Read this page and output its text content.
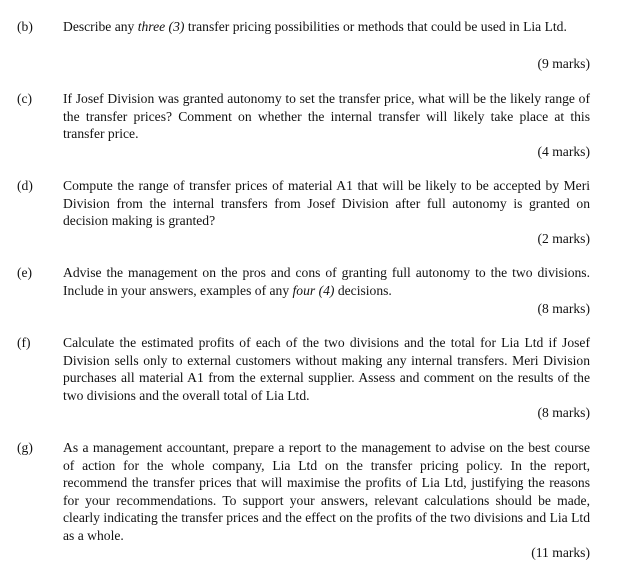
(b)	Describe any three (3) transfer pricing possibilities or methods that could be used in Lia Ltd.
(9 marks)
(c)	If Josef Division was granted autonomy to set the transfer price, what will be the likely range of the transfer prices? Comment on whether the internal transfer will likely take place at this transfer price.
(4 marks)
(d)	Compute the range of transfer prices of material A1 that will be likely to be accepted by Meri Division from the internal transfers from Josef Division after full autonomy is granted on decision making is granted?
(2 marks)
(e)	Advise the management on the pros and cons of granting full autonomy to the two divisions. Include in your answers, examples of any four (4) decisions.
(8 marks)
(f)	Calculate the estimated profits of each of the two divisions and the total for Lia Ltd if Josef Division sells only to external customers without making any internal transfers. Meri Division purchases all material A1 from the external supplier. Assess and comment on the results of the two divisions and the overall total of Lia Ltd.
(8 marks)
(g)	As a management accountant, prepare a report to the management to advise on the best course of action for the whole company, Lia Ltd on the transfer pricing policy. In the report, recommend the transfer prices that will maximise the profits of Lia Ltd, justifying the reasons for your recommendations. To support your answers, relevant calculations should be made, clearly indicating the transfer prices and the effect on the profits of the two divisions and Lia Ltd as a whole.
(11 marks)
